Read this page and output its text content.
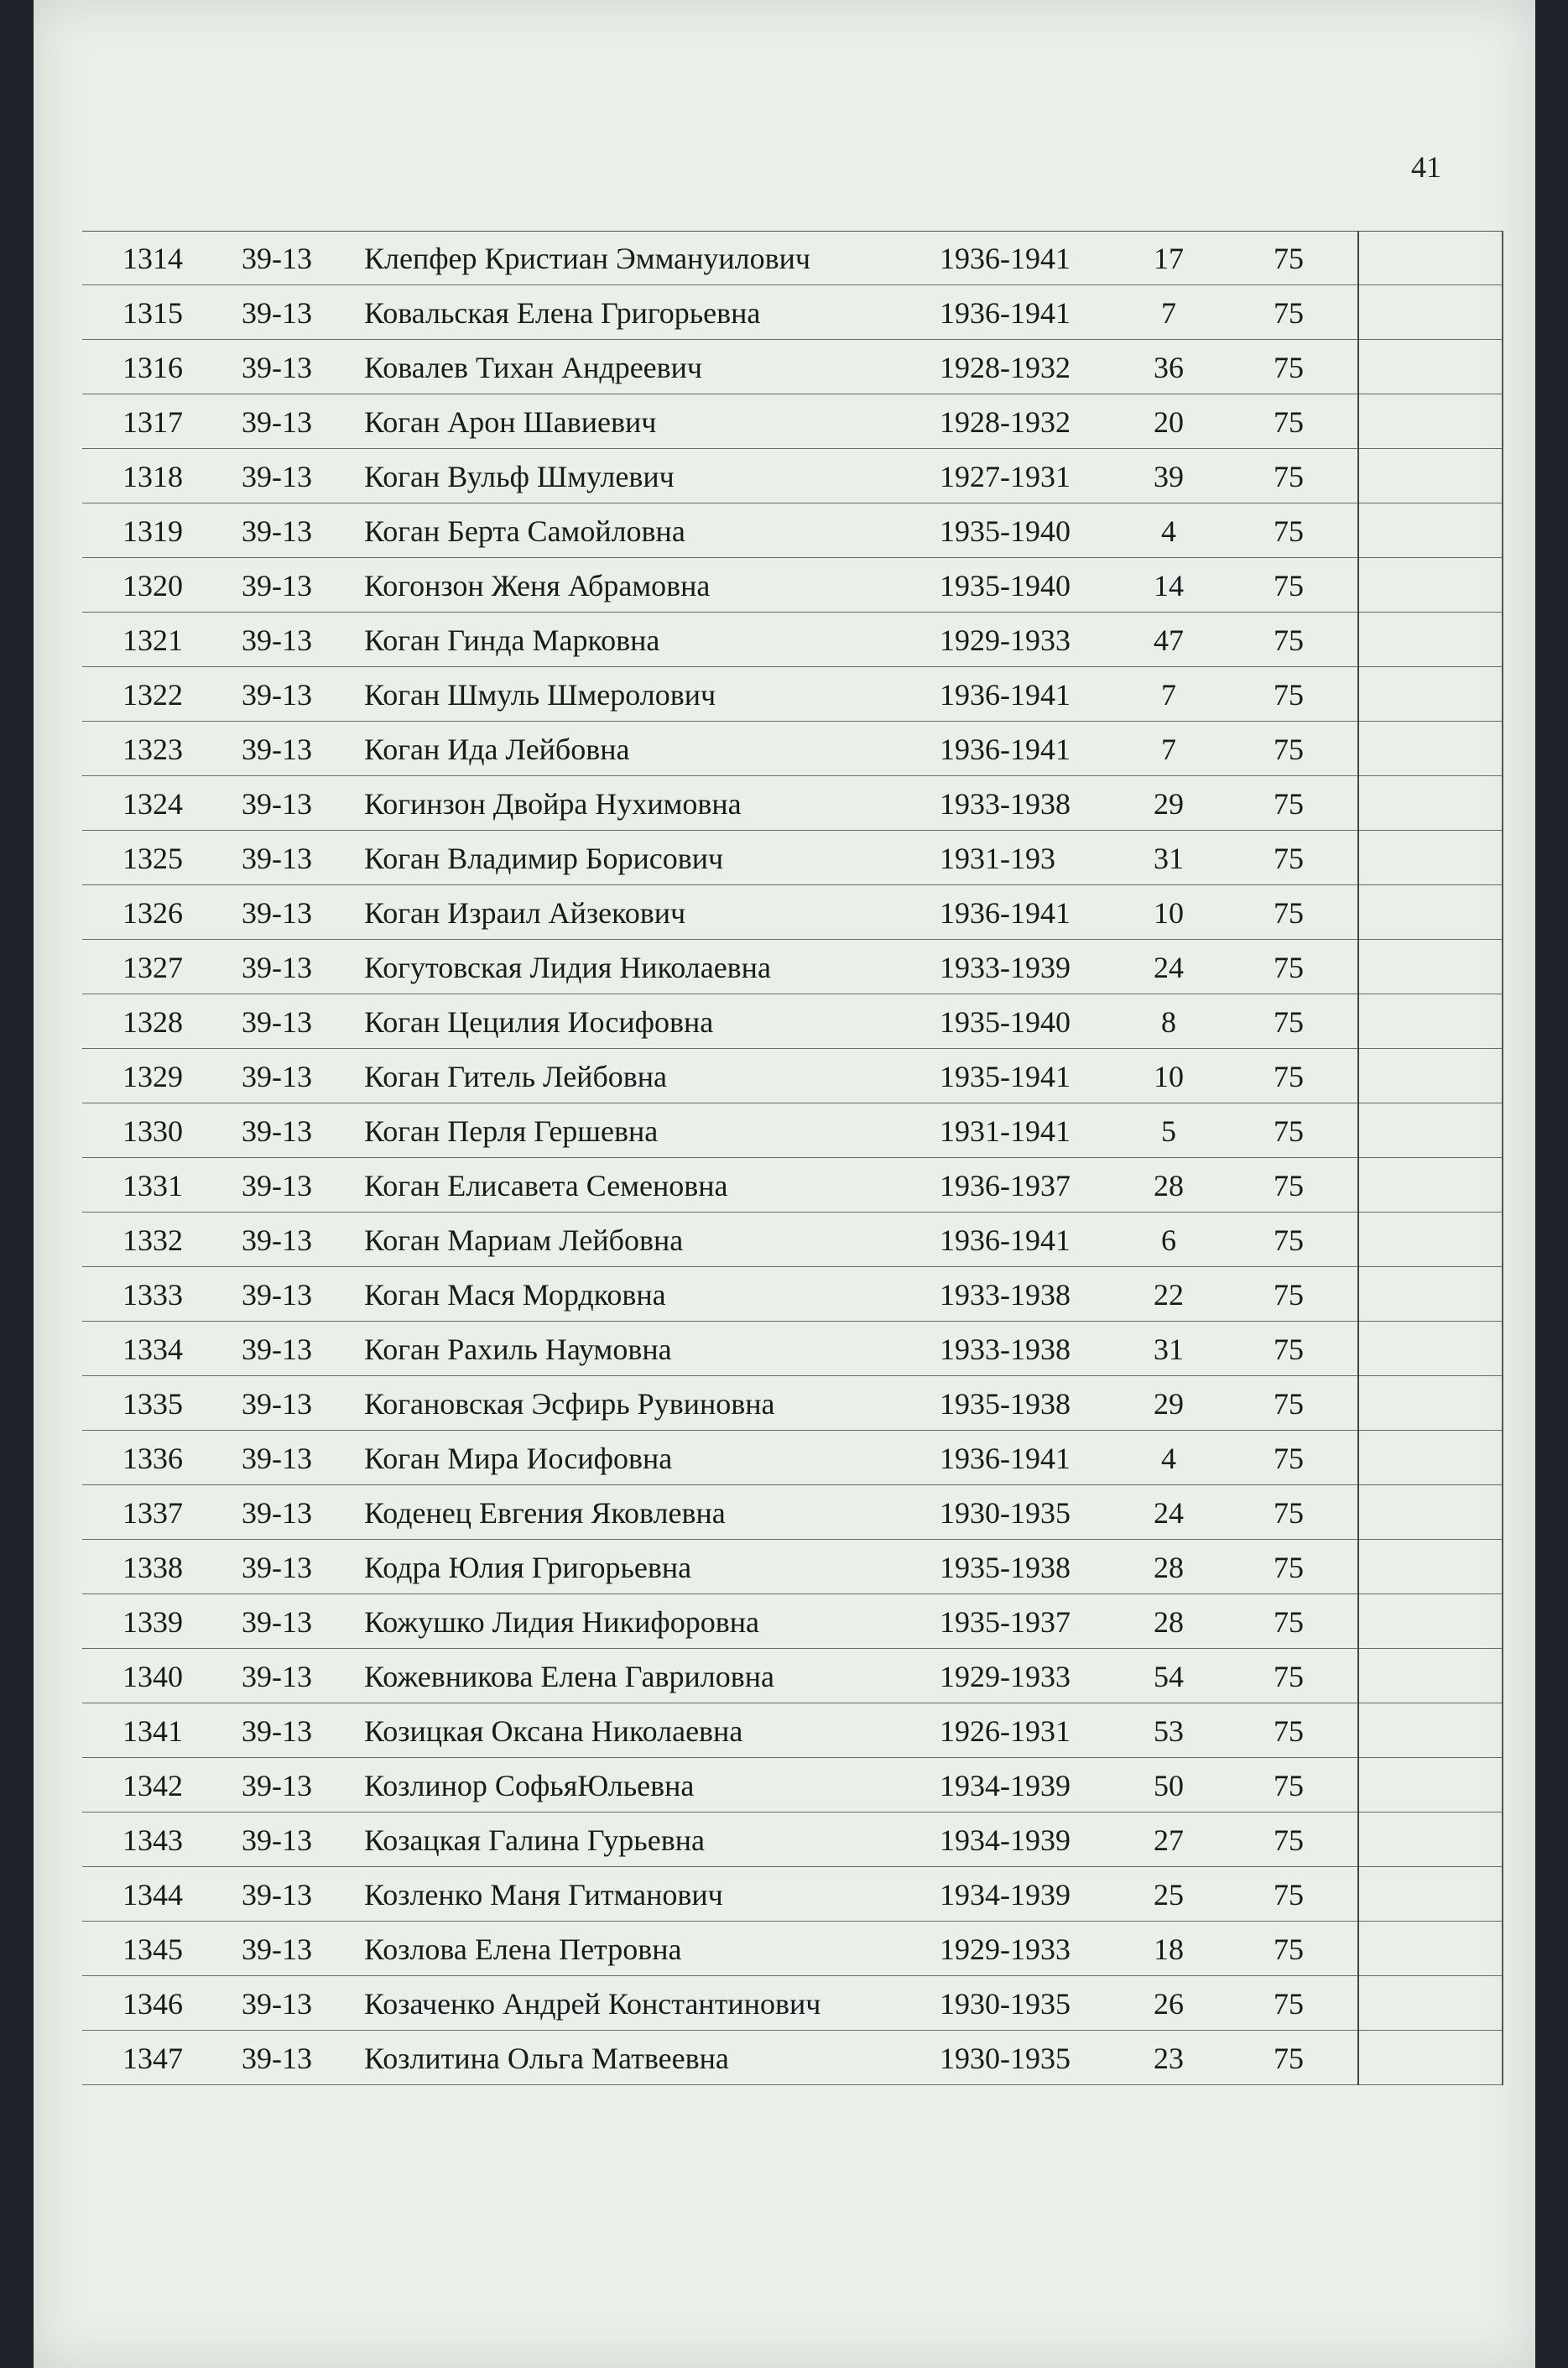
41
1314 39-13 Клепфер Кристиан Эммануилович	1936-1941	17	75
1315 39-13 Ковальская Елена Григорьевна	1936-1941	7	75
1316 39-13 Ковалев Тихан Андреевич	1928-1932	36	75
1317 39-13 Коган Арон Шавиевич	1928-1932	20	75
1318 39-13 Коган Вульф Шмулевич	1927-1931	39	75
1319 39-13 Коган Берта Самойловна	1935-1940	4	75
1320 39-13 Когонзон Женя Абрамовна	1935-1940	14	75
1321 39-13 Коган Гинда Марковна	1929-1933	47	75
1322 39-13 Коган Шмуль Шмеролович	1936-1941	7	75
1323 39-13 Коган Ида Лейбовна	1936-1941	7	75
1324 39-13 Когинзон Двойра Нухимовна	1933-1938	29	75
1325 39-13 Коган Владимир Борисович	1931-193	31	75
1326 39-13 Коган Израил Айзекович	1936-1941	10	75
1327 39-13 Когутовская Лидия Николаевна	1933-1939	24	75
1328 39-13 Коган Цецилия Иосифовна	1935-1940	8	75
1329 39-13 Коган Гитель Лейбовна	1935-1941	10	75
1330 39-13 Коган Перля Гершевна	1931-1941	5	75
1331 39-13 Коган Елисавета Семеновна	1936-1937	28	75
1332 39-13 Коган Мариам Лейбовна	1936-1941	6	75
1333 39-13 Коган Мася Мордковна	1933-1938	22	75
1334 39-13 Коган Рахиль Наумовна	1933-1938	31	75
1335 39-13 Когановская Эсфирь Рувиновна	1935-1938	29	75
1336 39-13 Коган Мира Иосифовна	1936-1941	4	75
1337 39-13 Коденец Евгения Яковлевна	1930-1935	24	75
1338 39-13 Кодра Юлия Григорьевна	1935-1938	28	75
1339 39-13 Кожушко Лидия Никифоровна	1935-1937	28	75
1340 39-13 Кожевникова Елена Гавриловна	1929-1933	54	75
1341 39-13 Козицкая Оксана Николаевна	1926-1931	53	75
1342 39-13 Козлинор СофьяЮльевна	1934-1939	50	75
1343 39-13 Козацкая Галина Гурьевна	1934-1939	27	75
1344 39-13 Козленко Маня Гитманович	1934-1939	25	75
1345 39-13 Козлова Елена Петровна	1929-1933	18	75
1346 39-13 Козаченко Андрей Константинович	1930-1935	26	75
1347 39-13 Козлитина Ольга Матвеевна	1930-1935	23	75
